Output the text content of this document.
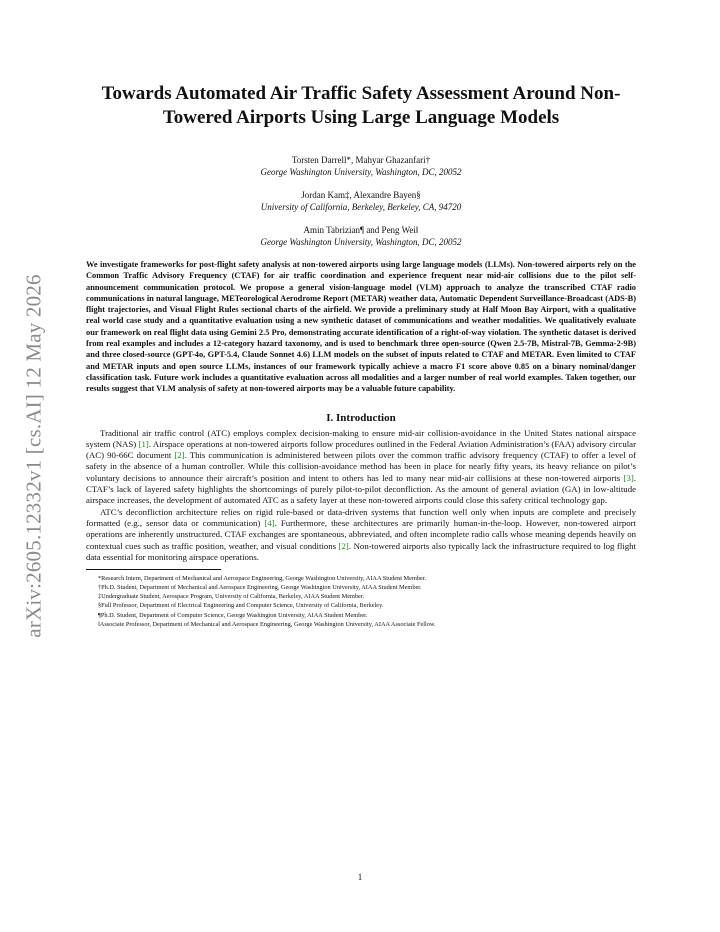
arXiv:2605.12332v1 [cs.AI] 12 May 2026
Towards Automated Air Traffic Safety Assessment Around Non-Towered Airports Using Large Language Models
Torsten Darrell*, Mahyar Ghazanfari†
George Washington University, Washington, DC, 20052
Jordan Kam‡, Alexandre Bayen§
University of California, Berkeley, Berkeley, CA, 94720
Amin Tabrizian¶ and Peng Wei‖
George Washington University, Washington, DC, 20052

We investigate frameworks for post-flight safety analysis at non-towered airports using large language models (LLMs). Non-towered airports rely on the Common Traffic Advisory Frequency (CTAF) for air traffic coordination and experience frequent near mid-air collisions due to the pilot self-announcement communication protocol. We propose a general vision-language model (VLM) approach to analyze the transcribed CTAF radio communications in natural language, METeorological Aerodrome Report (METAR) weather data, Automatic Dependent Surveillance-Broadcast (ADS-B) flight trajectories, and Visual Flight Rules sectional charts of the airfield. We provide a preliminary study at Half Moon Bay Airport, with a qualitative real world case study and a quantitative evaluation using a new synthetic dataset of communications and weather modalities. We qualitatively evaluate our framework on real flight data using Gemini 2.5 Pro, demonstrating accurate identification of a right-of-way violation. The synthetic dataset is derived from real examples and includes a 12-category hazard taxonomy, and is used to benchmark three open-source (Qwen 2.5-7B, Mistral-7B, Gemma-2-9B) and three closed-source (GPT-4o, GPT-5.4, Claude Sonnet 4.6) LLM models on the subset of inputs related to CTAF and METAR. Even limited to CTAF and METAR inputs and open source LLMs, instances of our framework typically achieve a macro F1 score above 0.85 on a binary nominal/danger classification task. Future work includes a quantitative evaluation across all modalities and a larger number of real world examples. Taken together, our results suggest that VLM analysis of safety at non-towered airports may be a valuable future capability.

I. Introduction

Traditional air traffic control (ATC) employs complex decision-making to ensure mid-air collision-avoidance in the United States national airspace system (NAS) [1]. Airspace operations at non-towered airports follow procedures outlined in the Federal Aviation Administration’s (FAA) advisory circular (AC) 90-66C document [2]. This communication is administered between pilots over the common traffic advisory frequency (CTAF) to offer a level of safety in the absence of a human controller. While this collision-avoidance method has been in place for nearly fifty years, its heavy reliance on pilot’s voluntary decisions to announce their aircraft’s position and intent to others has led to many near mid-air collisions at these non-towered airports [3]. CTAF’s lack of layered safety highlights the shortcomings of purely pilot-to-pilot deconfliction. As the amount of general aviation (GA) in low-altitude airspace increases, the development of automated ATC as a safety layer at these non-towered airports could close this safety critical technology gap.

ATC’s deconfliction architecture relies on rigid rule-based or data-driven systems that function well only when inputs are complete and precisely formatted (e.g., sensor data or communication) [4]. Furthermore, these architectures are primarily human-in-the-loop. However, non-towered airport operations are inherently unstructured. CTAF exchanges are spontaneous, abbreviated, and often incomplete radio calls whose meaning depends heavily on contextual cues such as traffic position, weather, and visual conditions [2]. Non-towered airports also typically lack the infrastructure required to log flight data essential for monitoring airspace operations.

*Research Intern, Department of Mechanical and Aerospace Engineering, George Washington University, AIAA Student Member.

†Ph.D. Student, Department of Mechanical and Aerospace Engineering, George Washington University, AIAA Student Member.

‡Undergraduate Student, Aerospace Program, University of California, Berkeley, AIAA Student Member.

§Full Professor, Department of Electrical Engineering and Computer Science, University of California, Berkeley.

¶Ph.D. Student, Department of Computer Science, George Washington University, AIAA Student Member.

‖Associate Professor, Department of Mechanical and Aerospace Engineering, George Washington University, AIAA Associate Fellow.

1
